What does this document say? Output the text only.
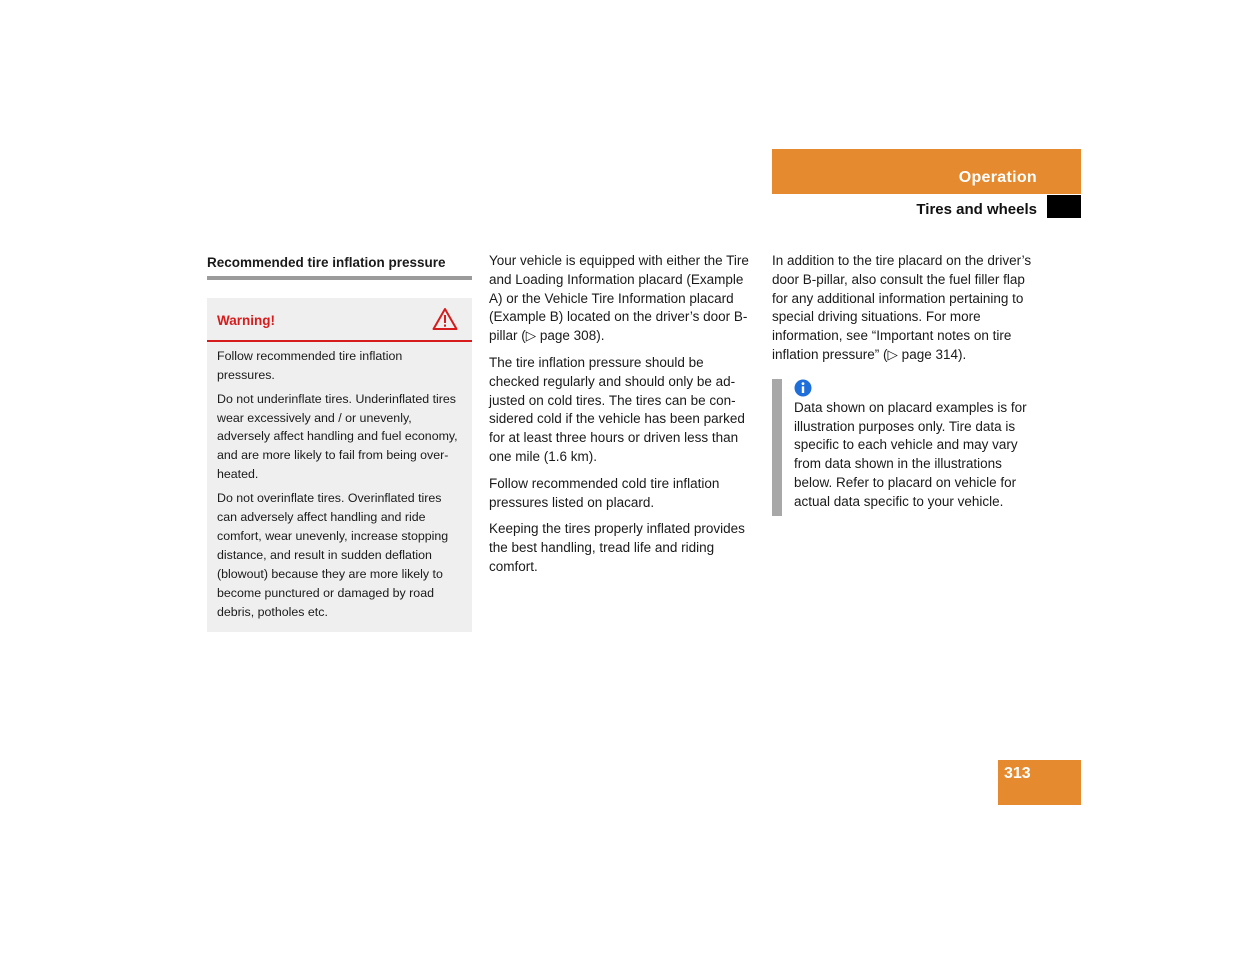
Operation
Tires and wheels
Recommended tire inflation pressure
Warning!

Follow recommended tire inflation pressures.

Do not underinflate tires. Underinflated tires wear excessively and / or unevenly, adversely affect handling and fuel economy, and are more likely to fail from being over-heated.

Do not overinflate tires. Overinflated tires can adversely affect handling and ride comfort, wear unevenly, increase stopping distance, and result in sudden deflation (blowout) because they are more likely to become punctured or damaged by road debris, potholes etc.

Your vehicle is equipped with either the Tire and Loading Information placard (Example A) or the Vehicle Tire Information placard (Example B) located on the driver’s door B-pillar (▷ page 308).

The tire inflation pressure should be checked regularly and should only be ad-justed on cold tires. The tires can be con-sidered cold if the vehicle has been parked for at least three hours or driven less than one mile (1.6 km).

Follow recommended cold tire inflation pressures listed on placard.

Keeping the tires properly inflated provides the best handling, tread life and riding comfort.

In addition to the tire placard on the driver’s door B-pillar, also consult the fuel filler flap for any additional information pertaining to special driving situations. For more information, see “Important notes on tire inflation pressure” (▷ page 314).

Data shown on placard examples is for illustration purposes only. Tire data is specific to each vehicle and may vary from data shown in the illustrations below. Refer to placard on vehicle for actual data specific to your vehicle.
313
